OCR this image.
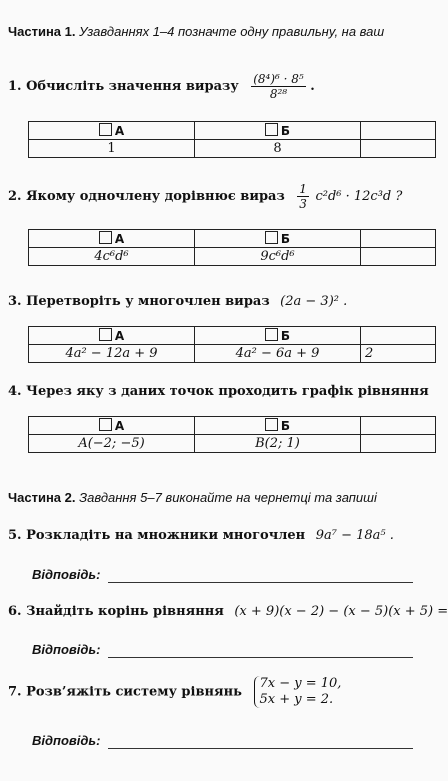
Частина 1. Узавданнях 1–4 позначте одну правильну, на ваш
1. Обчисліть значення виразу $\frac{\text{(8⁴)⁶ · 8⁵}}{\text{8²⁸}}$ .
А	Б	
1	8	
2. Якому одночлену дорівнює вираз $\frac{1}{3} c^2d^6 \cdot 12c^3d$ ?
А	Б	
4c⁶d⁶	9c⁶d⁶	
3. Перетворіть у многочлен вираз (2a − 3)² .
А	Б	
4a² − 12a + 9	4a² − 6a + 9	2
4. Через яку з даних точок проходить графік рівняння
А	Б	
A(−2; −5)	B(2; 1)	
Частина 2. Завдання 5–7 виконайте на чернетці та запиші
5. Розкладіть на множники многочлен 9a⁷ − 18a⁵ .
Відповідь:
6. Знайдіть корінь рівняння (x + 9)(x − 2) − (x − 5)(x + 5) =
Відповідь:
7. Розв’яжіть систему рівнянь
7x − y = 10,
5x + y = 2.
Відповідь:
